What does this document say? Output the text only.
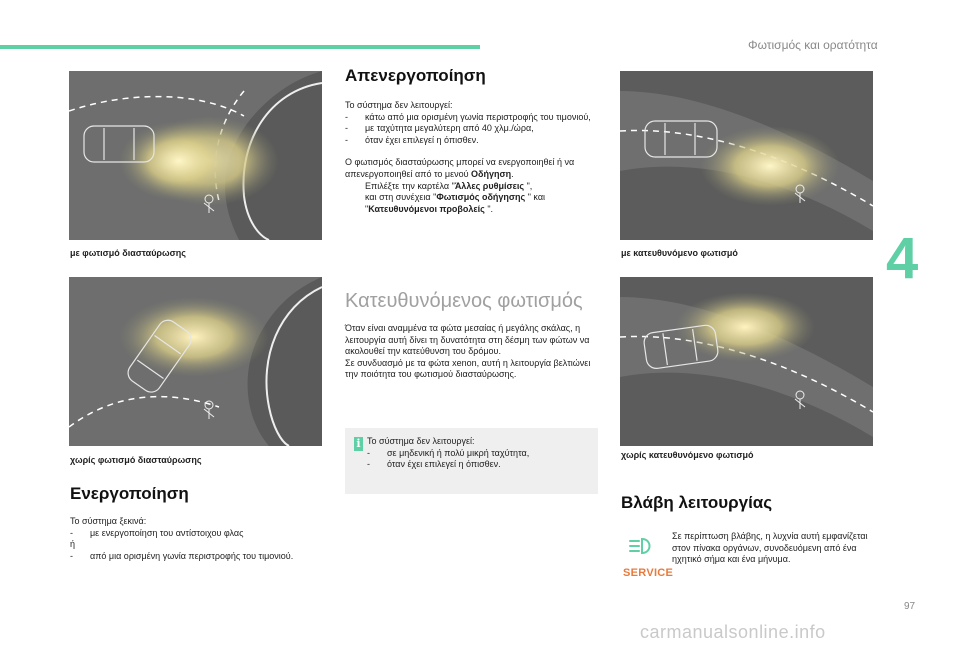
Φωτισμός και ορατότητα
4
με φωτισμό διασταύρωσης
χωρίς φωτισμό διασταύρωσης
με κατευθυνόμενο φωτισμό
χωρίς κατευθυνόμενο φωτισμό
Απενεργοποίηση

Το σύστημα δεν λειτουργεί:

- κάτω από μια ορισμένη γωνία περιστροφής του τιμονιού,
- με ταχύτητα μεγαλύτερη από 40 χλμ./ώρα,
- όταν έχει επιλεγεί η όπισθεν.

Ο φωτισμός διασταύρωσης μπορεί να ενεργοποιηθεί ή να απενεργοποιηθεί από το μενού Οδήγηση.

Επιλέξτε την καρτέλα "Άλλες ρυθμίσεις ",
και στη συνέχεια "Φωτισμός οδήγησης " και "Κατευθυνόμενοι προβολείς ".
Κατευθυνόμενος φωτισμός

Όταν είναι αναμμένα τα φώτα μεσαίας ή μεγάλης σκάλας, η λειτουργία αυτή δίνει τη δυνατότητα στη δέσμη των φώτων να ακολουθεί την κατεύθυνση του δρόμου.

Σε συνδυασμό με τα φώτα xenon, αυτή η λειτουργία βελτιώνει την ποιότητα του φωτισμού διασταύρωσης.

i Το σύστημα δεν λειτουργεί:

- σε μηδενική ή πολύ μικρή ταχύτητα,
- όταν έχει επιλεγεί η όπισθεν.
Ενεργοποίηση

Το σύστημα ξεκινά:

- με ενεργοποίηση του αντίστοιχου φλας

ή

- από μια ορισμένη γωνία περιστροφής του τιμονιού.
Βλάβη λειτουργίας
SERVICE
Σε περίπτωση βλάβης, η λυχνία αυτή εμφανίζεται στον πίνακα οργάνων, συνοδευόμενη από ένα ηχητικό σήμα και ένα μήνυμα.
97
carmanualsonline.info
